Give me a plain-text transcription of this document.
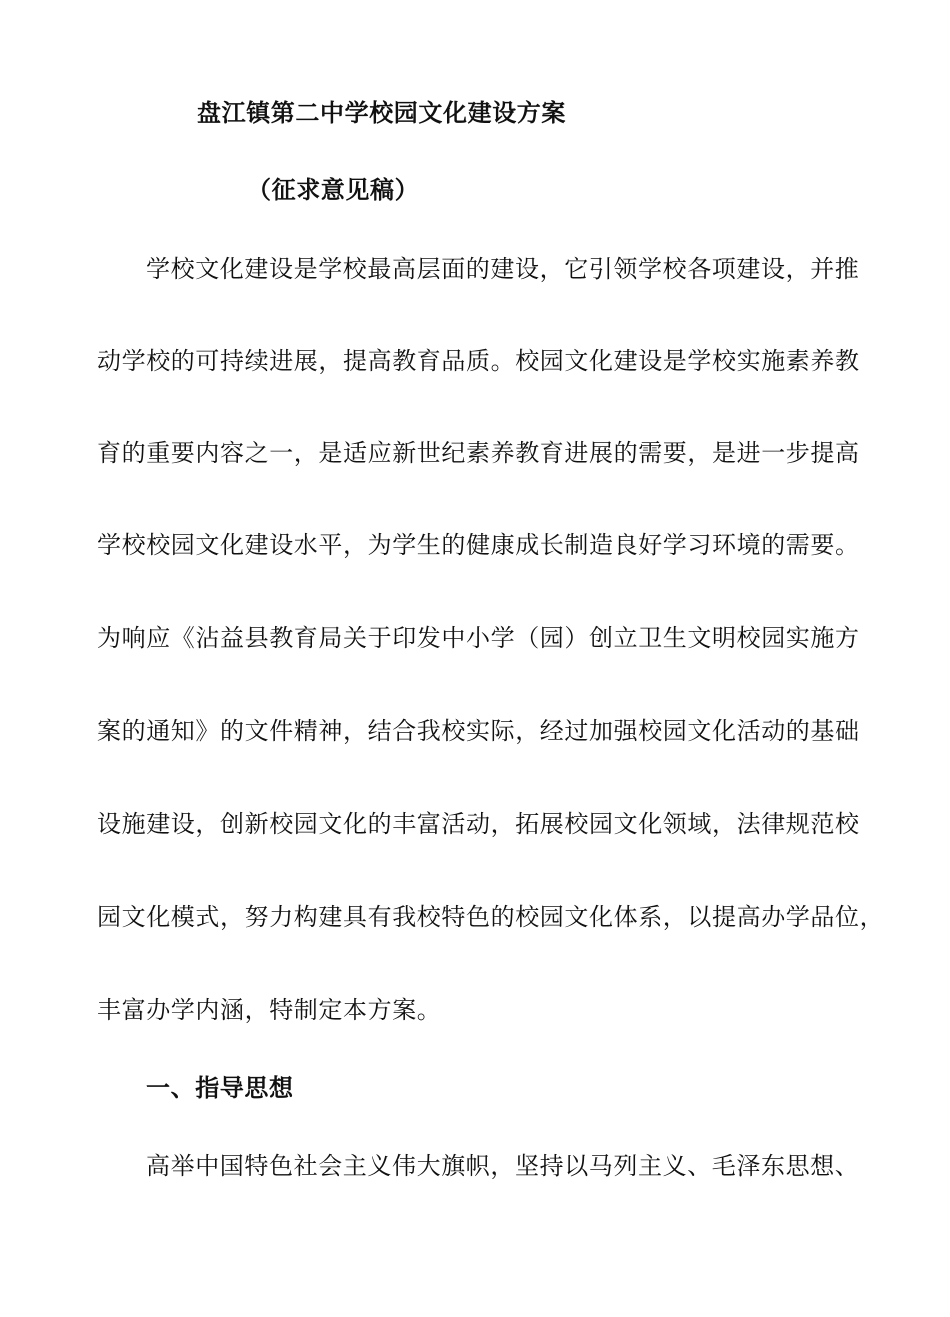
盘江镇第二中学校园文化建设方案
（征求意见稿）
学校文化建设是学校最高层面的建设，它引领学校各项建设，并推
动学校的可持续进展，提高教育品质。校园文化建设是学校实施素养教
育的重要内容之一，是适应新世纪素养教育进展的需要，是进一步提高
学校校园文化建设水平，为学生的健康成长制造良好学习环境的需要。
为响应《沾益县教育局关于印发中小学（园）创立卫生文明校园实施方
案的通知》的文件精神，结合我校实际，经过加强校园文化活动的基础
设施建设，创新校园文化的丰富活动，拓展校园文化领域，法律规范校
园文化模式，努力构建具有我校特色的校园文化体系，以提高办学品位，
丰富办学内涵，特制定本方案。
一、指导思想
高举中国特色社会主义伟大旗帜，坚持以马列主义、毛泽东思想、
